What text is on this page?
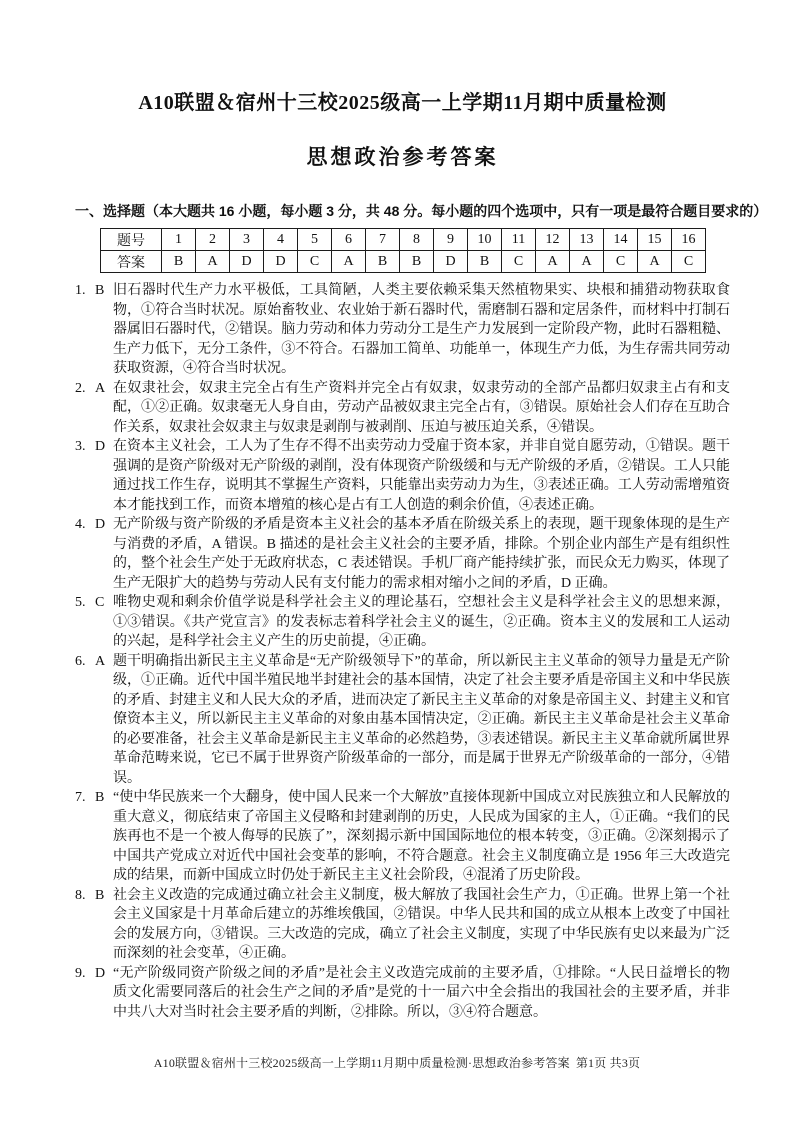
A10联盟＆宿州十三校2025级高一上学期11月期中质量检测
思想政治参考答案

一、选择题（本大题共 16 小题，每小题 3 分，共 48 分。每小题的四个选项中，只有一项是最符合题目要求的）

题号	1	2	3	4	5	6	7	8	9	10	11	12	13	14	15	16
答案	B	A	D	D	C	A	B	B	D	B	C	A	A	C	A	C
1. B 旧石器时代生产力水平极低，工具简陋，人类主要依赖采集天然植物果实、块根和捕猎动物获取食物，①符合当时状况。原始畜牧业、农业始于新石器时代，需磨制石器和定居条件，而材料中打制石器属旧石器时代，②错误。脑力劳动和体力劳动分工是生产力发展到一定阶段产物，此时石器粗糙、生产力低下，无分工条件，③不符合。石器加工简单、功能单一，体现生产力低，为生存需共同劳动获取资源，④符合当时状况。
2. A 在奴隶社会，奴隶主完全占有生产资料并完全占有奴隶，奴隶劳动的全部产品都归奴隶主占有和支配，①②正确。奴隶毫无人身自由，劳动产品被奴隶主完全占有，③错误。原始社会人们存在互助合作关系，奴隶社会奴隶主与奴隶是剥削与被剥削、压迫与被压迫关系，④错误。
3. D 在资本主义社会，工人为了生存不得不出卖劳动力受雇于资本家，并非自觉自愿劳动，①错误。题干强调的是资产阶级对无产阶级的剥削，没有体现资产阶级缓和与无产阶级的矛盾，②错误。工人只能通过找工作生存，说明其不掌握生产资料，只能靠出卖劳动力为生，③表述正确。工人劳动需增殖资本才能找到工作，而资本增殖的核心是占有工人创造的剩余价值，④表述正确。
4. D 无产阶级与资产阶级的矛盾是资本主义社会的基本矛盾在阶级关系上的表现，题干现象体现的是生产与消费的矛盾，A 错误。B 描述的是社会主义社会的主要矛盾，排除。个别企业内部生产是有组织性的，整个社会生产处于无政府状态，C 表述错误。手机厂商产能持续扩张，而民众无力购买，体现了生产无限扩大的趋势与劳动人民有支付能力的需求相对缩小之间的矛盾，D 正确。
5. C 唯物史观和剩余价值学说是科学社会主义的理论基石，空想社会主义是科学社会主义的思想来源，①③错误。《共产党宣言》的发表标志着科学社会主义的诞生，②正确。资本主义的发展和工人运动的兴起，是科学社会主义产生的历史前提，④正确。
6. A 题干明确指出新民主主义革命是“无产阶级领导下”的革命，所以新民主主义革命的领导力量是无产阶级，①正确。近代中国半殖民地半封建社会的基本国情，决定了社会主要矛盾是帝国主义和中华民族的矛盾、封建主义和人民大众的矛盾，进而决定了新民主主义革命的对象是帝国主义、封建主义和官僚资本主义，所以新民主主义革命的对象由基本国情决定，②正确。新民主主义革命是社会主义革命的必要准备，社会主义革命是新民主主义革命的必然趋势，③表述错误。新民主主义革命就所属世界革命范畴来说，它已不属于世界资产阶级革命的一部分，而是属于世界无产阶级革命的一部分，④错误。
7. B “使中华民族来一个大翻身，使中国人民来一个大解放”直接体现新中国成立对民族独立和人民解放的重大意义，彻底结束了帝国主义侵略和封建剥削的历史，人民成为国家的主人，①正确。“我们的民族再也不是一个被人侮辱的民族了”，深刻揭示新中国国际地位的根本转变，③正确。②深刻揭示了中国共产党成立对近代中国社会变革的影响，不符合题意。社会主义制度确立是 1956 年三大改造完成的结果，而新中国成立时仍处于新民主主义社会阶段，④混淆了历史阶段。
8. B 社会主义改造的完成通过确立社会主义制度，极大解放了我国社会生产力，①正确。世界上第一个社会主义国家是十月革命后建立的苏维埃俄国，②错误。中华人民共和国的成立从根本上改变了中国社会的发展方向，③错误。三大改造的完成，确立了社会主义制度，实现了中华民族有史以来最为广泛而深刻的社会变革，④正确。
9. D “无产阶级同资产阶级之间的矛盾”是社会主义改造完成前的主要矛盾，①排除。“人民日益增长的物质文化需要同落后的社会生产之间的矛盾”是党的十一届六中全会指出的我国社会的主要矛盾，并非中共八大对当时社会主要矛盾的判断，②排除。所以，③④符合题意。
A10联盟＆宿州十三校2025级高一上学期11月期中质量检测·思想政治参考答案 第1页 共3页
